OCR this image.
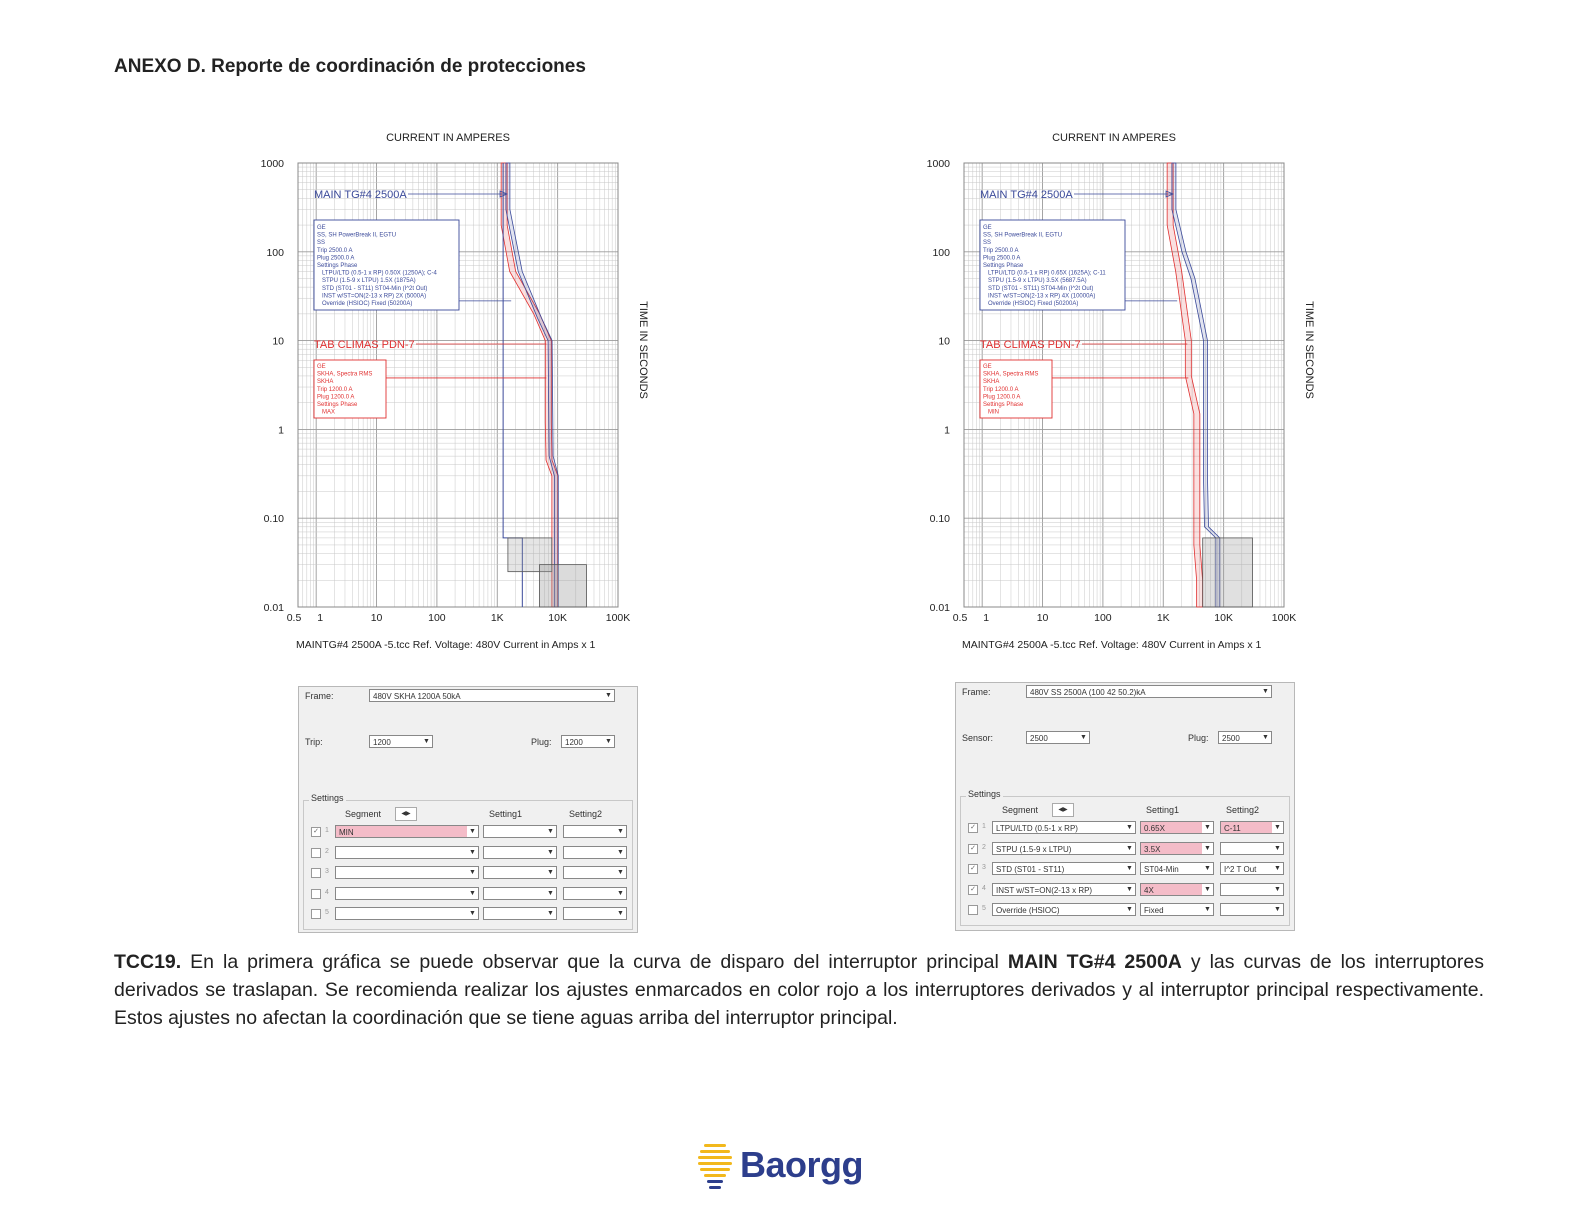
ANEXO D. Reporte de coordinación de protecciones
CURRENT IN AMPERES
TIME IN SECONDS
1000
100
10
1
0.10
0.01
0.5 1	10	100	1K	10K	100K
MAINTG#4 2500A -5.tcc Ref. Voltage: 480V Current in Amps x 1
MAIN TG#4 2500A
GE
SS, SH PowerBreak II, EGTU
SS
Trip 2500.0 A
Plug 2500.0 A
Settings Phase
LTPU/LTD (0.5-1 x RP) 0.50X (1250A); C-4
STPU (1.5-9 x LTPU) 1.5X (1875A)
STD (ST01 - ST11) ST04-Min (I^2t Out)
INST w/ST=ON(2-13 x RP) 2X (5000A)
Override (HSIOC) Fixed (50200A)
TAB CLIMAS PDN-7
GE
SKHA, Spectra RMS
SKHA
Trip 1200.0 A
Plug 1200.0 A
Settings Phase
MAX
CURRENT IN AMPERES
TIME IN SECONDS
1000
100
10
1
0.10
0.01
0.5 1	10	100	1K	10K	100K
MAINTG#4 2500A -5.tcc Ref. Voltage: 480V Current in Amps x 1
MAIN TG#4 2500A
GE
SS, SH PowerBreak II, EGTU
SS
Trip 2500.0 A
Plug 2500.0 A
Settings Phase
LTPU/LTD (0.5-1 x RP) 0.65X (1625A); C-11
STPU (1.5-9 x LTPU) 3.5X (5687.5A)
STD (ST01 - ST11) ST04-Min (I^2t Out)
INST w/ST=ON(2-13 x RP) 4X (10000A)
Override (HSIOC) Fixed (50200A)
TAB CLIMAS PDN-7
GE
SKHA, Spectra RMS
SKHA
Trip 1200.0 A
Plug 1200.0 A
Settings Phase
MIN
Frame:	480V SKHA 1200A 50kA	▼
Trip:	1200	▼	Plug:	1200	▼
Settings
Segment	◀▶	Setting1	Setting2
✓ 1	MIN	▼	▼	▼
2	▼	▼	▼
3	▼	▼	▼
4	▼	▼	▼
5	▼	▼	▼
Frame:	480V SS 2500A (100 42 50.2)kA	▼
Sensor:	2500	▼	Plug:	2500	▼
Settings
Segment	◀▶	Setting1	Setting2
✓ 1	LTPU/LTD (0.5-1 x RP)	▼	0.65X	▼	C-11	▼
✓ 2	STPU (1.5-9 x LTPU)	▼	3.5X	▼	▼
✓ 3	STD (ST01 - ST11)	▼	ST04-Min	▼	I^2 T Out	▼
✓ 4	INST w/ST=ON(2-13 x RP)	▼	4X	▼	▼
5	Override (HSIOC)	▼	Fixed	▼	▼
TCC19. En la primera gráfica se puede observar que la curva de disparo del interruptor principal MAIN TG#4 2500A y las curvas de los interruptores derivados se traslapan. Se recomienda realizar los ajustes enmarcados en color rojo a los interruptores derivados y al interruptor principal respectivamente. Estos ajustes no afectan la coordinación que se tiene aguas arriba del interruptor principal.
Baorgg
